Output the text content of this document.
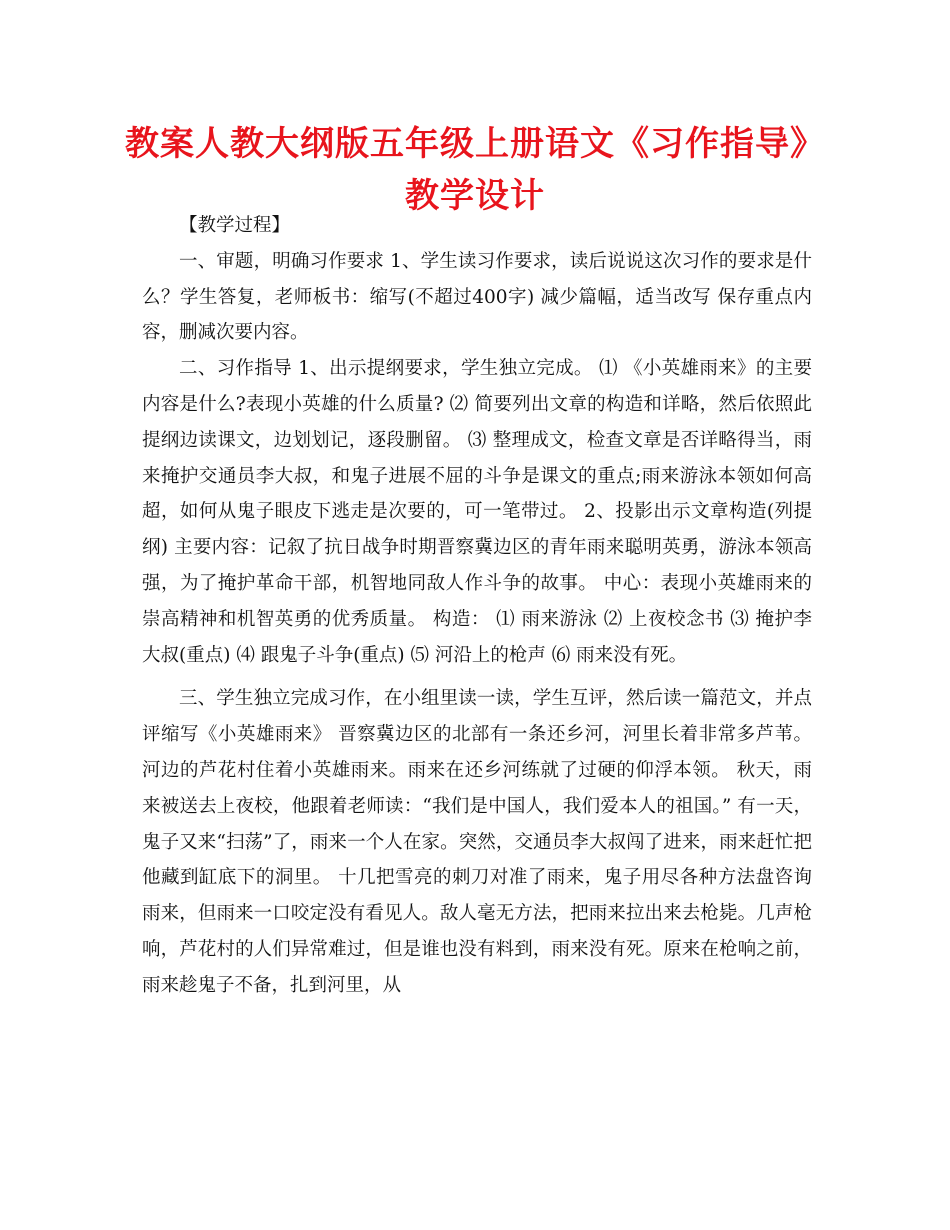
教案人教大纲版五年级上册语文《习作指导》教学设计

【教学过程】

一、审题，明确习作要求 1、学生读习作要求，读后说说这次习作的要求是什么？学生答复，老师板书：缩写(不超过400字) 减少篇幅，适当改写 保存重点内容，删减次要内容。

二、习作指导 1、出示提纲要求，学生独立完成。 ⑴ 《小英雄雨来》的主要内容是什么?表现小英雄的什么质量? ⑵ 简要列出文章的构造和详略，然后依照此提纲边读课文，边划划记，逐段删留。 ⑶ 整理成文，检查文章是否详略得当，雨来掩护交通员李大叔，和鬼子进展不屈的斗争是课文的重点;雨来游泳本领如何高超，如何从鬼子眼皮下逃走是次要的，可一笔带过。 2、投影出示文章构造(列提纲) 主要内容：记叙了抗日战争时期晋察冀边区的青年雨来聪明英勇，游泳本领高强，为了掩护革命干部，机智地同敌人作斗争的故事。 中心：表现小英雄雨来的崇高精神和机智英勇的优秀质量。 构造： ⑴ 雨来游泳 ⑵ 上夜校念书 ⑶ 掩护李大叔(重点) ⑷ 跟鬼子斗争(重点) ⑸ 河沿上的枪声 ⑹ 雨来没有死。

三、学生独立完成习作，在小组里读一读，学生互评，然后读一篇范文，并点评缩写《小英雄雨来》 晋察冀边区的北部有一条还乡河，河里长着非常多芦苇。河边的芦花村住着小英雄雨来。雨来在还乡河练就了过硬的仰浮本领。 秋天，雨来被送去上夜校，他跟着老师读：“我们是中国人，我们爱本人的祖国。” 有一天，鬼子又来“扫荡”了，雨来一个人在家。突然，交通员李大叔闯了进来，雨来赶忙把他藏到缸底下的洞里。 十几把雪亮的刺刀对准了雨来，鬼子用尽各种方法盘咨询雨来，但雨来一口咬定没有看见人。敌人毫无方法，把雨来拉出来去枪毙。几声枪响，芦花村的人们异常难过，但是谁也没有料到，雨来没有死。原来在枪响之前，雨来趁鬼子不备，扎到河里，从
